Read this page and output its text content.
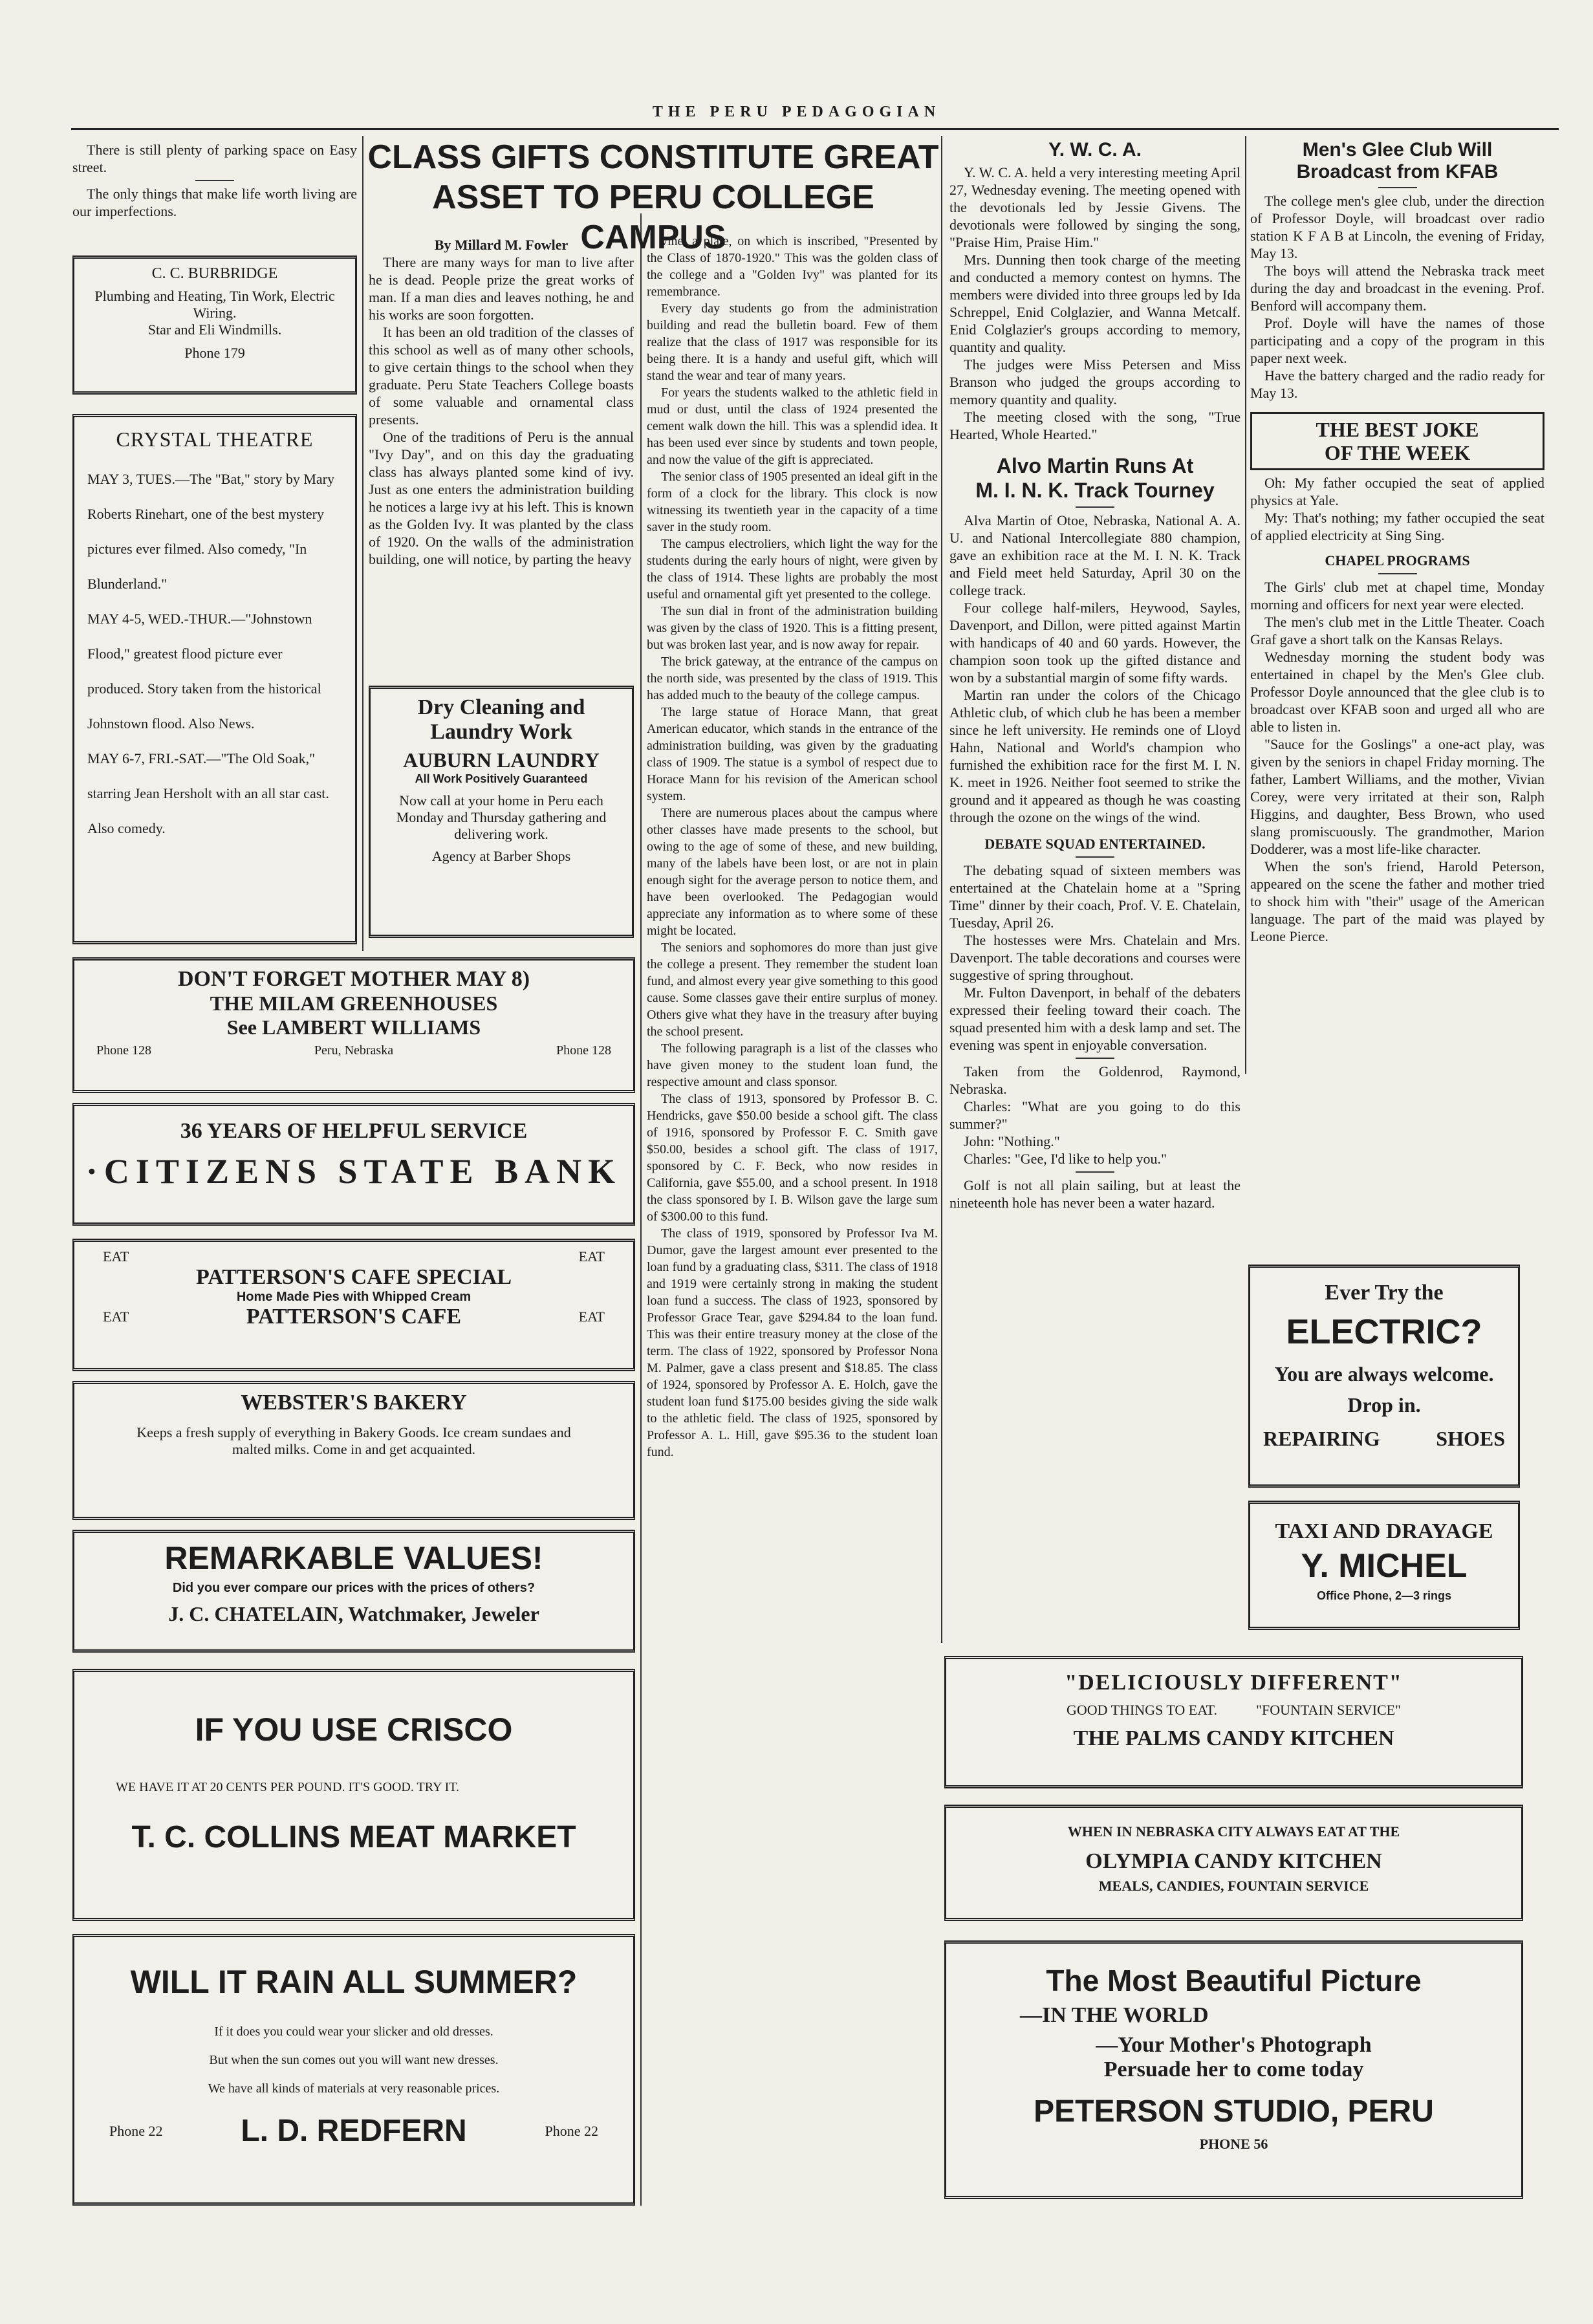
THE PERU PEDAGOGIAN

There is still plenty of parking space on Easy street.

The only things that make life worth living are our imperfections.

C. C. BURBRIDGE
Plumbing and Heating, Tin Work, Electric Wiring.
Star and Eli Windmills.
Phone 179
CRYSTAL THEATRE
MAY 3, TUES.—The "Bat," story by Mary Roberts Rinehart, one of the best mystery pictures ever filmed. Also comedy, "In Blunderland."
MAY 4-5, WED.-THUR.—"Johnstown Flood," greatest flood picture ever produced. Story taken from the historical Johnstown flood. Also News.
MAY 6-7, FRI.-SAT.—"The Old Soak," starring Jean Hersholt with an all star cast. Also comedy.
CLASS GIFTS CONSTITUTE GREAT
ASSET TO PERU COLLEGE CAMPUS
By Millard M. Fowler

There are many ways for man to live after he is dead. People prize the great works of man. If a man dies and leaves nothing, he and his works are soon forgotten.

It has been an old tradition of the classes of this school as well as of many other schools, to give certain things to the school when they graduate. Peru State Teachers College boasts of some valuable and ornamental class presents.

One of the traditions of Peru is the annual "Ivy Day", and on this day the graduating class has always planted some kind of ivy. Just as one enters the administration building he notices a large ivy at his left. This is known as the Golden Ivy. It was planted by the class of 1920. On the walls of the administration building, one will notice, by parting the heavy

Dry Cleaning and
Laundry Work
AUBURN LAUNDRY
All Work Positively Guaranteed
Now call at your home in Peru each Monday and Thursday gathering and delivering work.
Agency at Barber Shops

vine, a plate, on which is inscribed, "Presented by the Class of 1870-1920." This was the golden class of the college and a "Golden Ivy" was planted for its remembrance.

Every day students go from the administration building and read the bulletin board. Few of them realize that the class of 1917 was responsible for its being there. It is a handy and useful gift, which will stand the wear and tear of many years.

For years the students walked to the athletic field in mud or dust, until the class of 1924 presented the cement walk down the hill. This was a splendid idea. It has been used ever since by students and town people, and now the value of the gift is appreciated.

The senior class of 1905 presented an ideal gift in the form of a clock for the library. This clock is now witnessing its twentieth year in the capacity of a time saver in the study room.

The campus electroliers, which light the way for the students during the early hours of night, were given by the class of 1914. These lights are probably the most useful and ornamental gift yet presented to the college.

The sun dial in front of the administration building was given by the class of 1920. This is a fitting present, but was broken last year, and is now away for repair.

The brick gateway, at the entrance of the campus on the north side, was presented by the class of 1919. This has added much to the beauty of the college campus.

The large statue of Horace Mann, that great American educator, which stands in the entrance of the administration building, was given by the graduating class of 1909. The statue is a symbol of respect due to Horace Mann for his revision of the American school system.

There are numerous places about the campus where other classes have made presents to the school, but owing to the age of some of these, and new building, many of the labels have been lost, or are not in plain enough sight for the average person to notice them, and have been overlooked. The Pedagogian would appreciate any information as to where some of these might be located.

The seniors and sophomores do more than just give the college a present. They remember the student loan fund, and almost every year give something to this good cause. Some classes gave their entire surplus of money. Others give what they have in the treasury after buying the school present.

The following paragraph is a list of the classes who have given money to the student loan fund, the respective amount and class sponsor.

The class of 1913, sponsored by Professor B. C. Hendricks, gave $50.00 beside a school gift. The class of 1916, sponsored by Professor F. C. Smith gave $50.00, besides a school gift. The class of 1917, sponsored by C. F. Beck, who now resides in California, gave $55.00, and a school present. In 1918 the class sponsored by I. B. Wilson gave the large sum of $300.00 to this fund.

The class of 1919, sponsored by Professor Iva M. Dumor, gave the largest amount ever presented to the loan fund by a graduating class, $311. The class of 1918 and 1919 were certainly strong in making the student loan fund a success. The class of 1923, sponsored by Professor Grace Tear, gave $294.84 to the loan fund. This was their entire treasury money at the close of the term. The class of 1922, sponsored by Professor Nona M. Palmer, gave a class present and $18.85. The class of 1924, sponsored by Professor A. E. Holch, gave the student loan fund $175.00 besides giving the side walk to the athletic field. The class of 1925, sponsored by Professor A. L. Hill, gave $95.36 to the student loan fund.

Y. W. C. A.

Y. W. C. A. held a very interesting meeting April 27, Wednesday evening. The meeting opened with the devotionals led by Jessie Givens. The devotionals were followed by singing the song, "Praise Him, Praise Him."

Mrs. Dunning then took charge of the meeting and conducted a memory contest on hymns. The members were divided into three groups led by Ida Schreppel, Enid Colglazier, and Wanna Metcalf. Enid Colglazier's groups according to memory, quantity and quality.

The judges were Miss Petersen and Miss Branson who judged the groups according to memory quantity and quality.

The meeting closed with the song, "True Hearted, Whole Hearted."

Alvo Martin Runs At
M. I. N. K. Track Tourney

Alva Martin of Otoe, Nebraska, National A. A. U. and National Intercollegiate 880 champion, gave an exhibition race at the M. I. N. K. Track and Field meet held Saturday, April 30 on the college track.

Four college half-milers, Heywood, Sayles, Davenport, and Dillon, were pitted against Martin with handicaps of 40 and 60 yards. However, the champion soon took up the gifted distance and won by a substantial margin of some fifty wards.

Martin ran under the colors of the Chicago Athletic club, of which club he has been a member since he left university. He reminds one of Lloyd Hahn, National and World's champion who furnished the exhibition race for the first M. I. N. K. meet in 1926. Neither foot seemed to strike the ground and it appeared as though he was coasting through the ozone on the wings of the wind.

DEBATE SQUAD ENTERTAINED.

The debating squad of sixteen members was entertained at the Chatelain home at a "Spring Time" dinner by their coach, Prof. V. E. Chatelain, Tuesday, April 26.

The hostesses were Mrs. Chatelain and Mrs. Davenport. The table decorations and courses were suggestive of spring throughout.

Mr. Fulton Davenport, in behalf of the debaters expressed their feeling toward their coach. The squad presented him with a desk lamp and set. The evening was spent in enjoyable conversation.

Taken from the Goldenrod, Raymond, Nebraska.

Charles: "What are you going to do this summer?"

John: "Nothing."

Charles: "Gee, I'd like to help you."

Golf is not all plain sailing, but at least the nineteenth hole has never been a water hazard.

Men's Glee Club Will
Broadcast from KFAB

The college men's glee club, under the direction of Professor Doyle, will broadcast over radio station K F A B at Lincoln, the evening of Friday, May 13.

The boys will attend the Nebraska track meet during the day and broadcast in the evening. Prof. Benford will accompany them.

Prof. Doyle will have the names of those participating and a copy of the program in this paper next week.

Have the battery charged and the radio ready for May 13.

THE BEST JOKE
OF THE WEEK

Oh: My father occupied the seat of applied physics at Yale.

My: That's nothing; my father occupied the seat of applied electricity at Sing Sing.

CHAPEL PROGRAMS

The Girls' club met at chapel time, Monday morning and officers for next year were elected.

The men's club met in the Little Theater. Coach Graf gave a short talk on the Kansas Relays.

Wednesday morning the student body was entertained in chapel by the Men's Glee club. Professor Doyle announced that the glee club is to broadcast over KFAB soon and urged all who are able to listen in.

"Sauce for the Goslings" a one-act play, was given by the seniors in chapel Friday morning. The father, Lambert Williams, and the mother, Vivian Corey, were very irritated at their son, Ralph Higgins, and daughter, Bess Brown, who used slang promiscuously. The grandmother, Marion Dodderer, was a most life-like character.

When the son's friend, Harold Peterson, appeared on the scene the father and mother tried to shock him with "their" usage of the American language. The part of the maid was played by Leone Pierce.

DON'T FORGET MOTHER MAY 8)
THE MILAM GREENHOUSES
See LAMBERT WILLIAMS
Phone 128	Peru, Nebraska	Phone 128
36 YEARS OF HELPFUL SERVICE
·CITIZENS STATE BANK
EAT	EAT
PATTERSON'S CAFE SPECIAL
Home Made Pies with Whipped Cream
EAT	PATTERSON'S CAFE	EAT
WEBSTER'S BAKERY
Keeps a fresh supply of everything in Bakery Goods. Ice cream sundaes and malted milks. Come in and get acquainted.
REMARKABLE VALUES!
Did you ever compare our prices with the prices of others?
J. C. CHATELAIN, Watchmaker, Jeweler
IF YOU USE CRISCO
WE HAVE IT AT 20 CENTS PER POUND. IT'S GOOD. TRY IT.
T. C. COLLINS MEAT MARKET
WILL IT RAIN ALL SUMMER?
If it does you could wear your slicker and old dresses.
But when the sun comes out you will want new dresses.
We have all kinds of materials at very reasonable prices.
Phone 22	L. D. REDFERN	Phone 22
Ever Try the
ELECTRIC?
You are always welcome. Drop in.
REPAIRING	SHOES
TAXI AND DRAYAGE
Y. MICHEL
Office Phone, 2—3 rings
"DELICIOUSLY DIFFERENT"
GOOD THINGS TO EAT.	"FOUNTAIN SERVICE"
THE PALMS CANDY KITCHEN
WHEN IN NEBRASKA CITY ALWAYS EAT AT THE
OLYMPIA CANDY KITCHEN
MEALS, CANDIES, FOUNTAIN SERVICE
The Most Beautiful Picture
—IN THE WORLD
—Your Mother's Photograph
Persuade her to come today
PETERSON STUDIO, PERU
PHONE 56
